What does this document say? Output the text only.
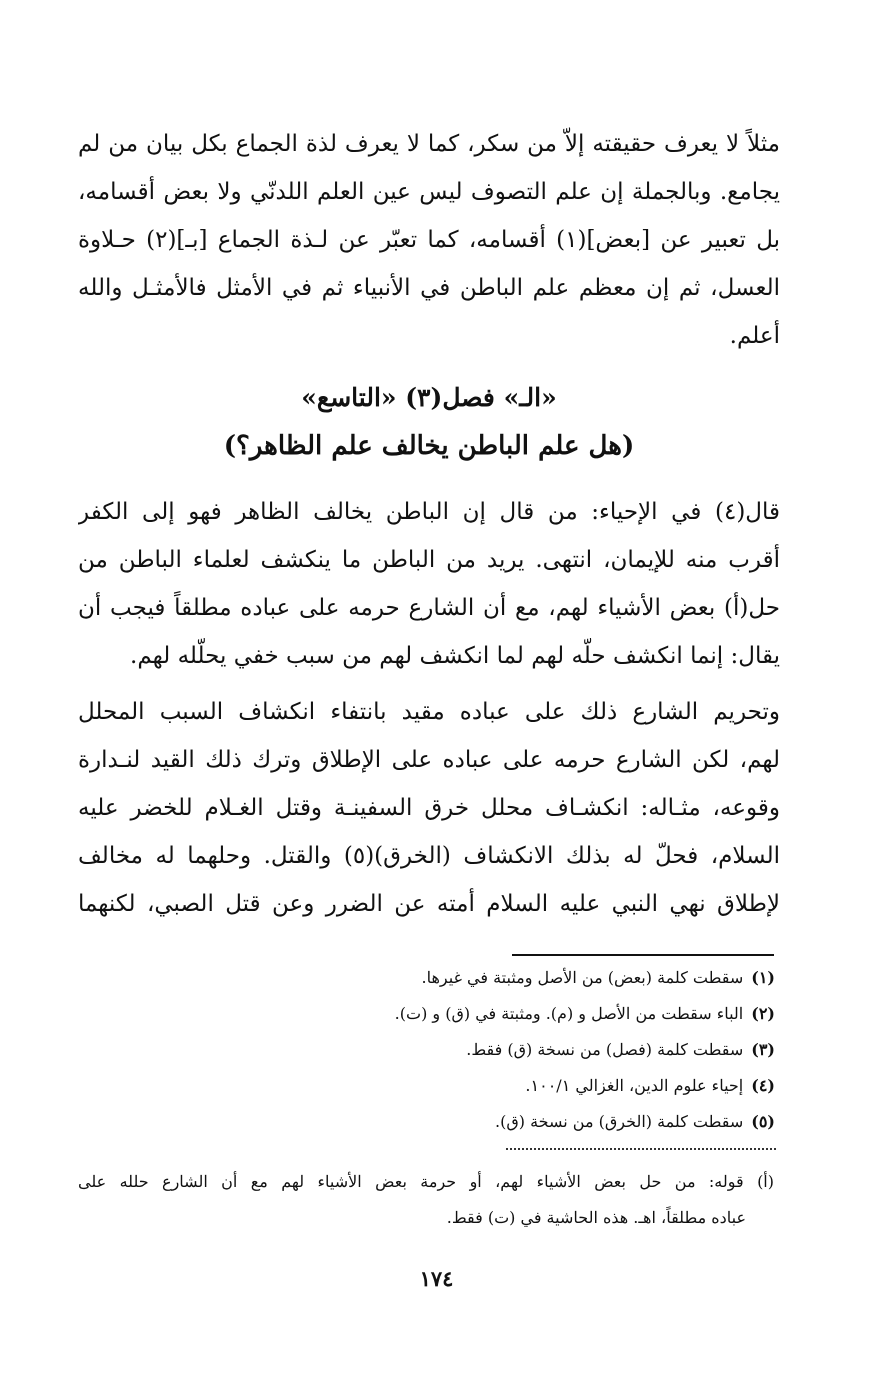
مثلاً لا يعرف حقيقته إلاّ من سكر، كما لا يعرف لذة الجماع بكل بيان من لم
يجامع. وبالجملة إن علم التصوف ليس عين العلم اللدنّي ولا بعض أقسامه،
بل تعبير عن [بعض](١) أقسامه، كما تعبّر عن لـذة الجماع [بـ](٢) حـلاوة
العسل، ثم إن معظم علم الباطن في الأنبياء ثم في الأمثل فالأمثـل والله
أعلم.
«الـ» فصل(٣) «التاسع»
(هل علم الباطن يخالف علم الظاهر؟)
قال(٤) في الإحياء: من قال إن الباطن يخالف الظاهر فهو إلى الكفر
أقرب منه للإيمان، انتهى. يريد من الباطن ما ينكشف لعلماء الباطن من
حل(أ) بعض الأشياء لهم، مع أن الشارع حرمه على عباده مطلقاً فيجب أن
يقال: إنما انكشف حلّه لهم لما انكشف لهم من سبب خفي يحلّله لهم.
وتحريم الشارع ذلك على عباده مقيد بانتفاء انكشاف السبب المحلل
لهم، لكن الشارع حرمه على عباده على الإطلاق وترك ذلك القيد لنـدارة
وقوعه، مثـاله: انكشـاف محلل خرق السفينـة وقتل الغـلام للخضر عليه
السلام، فحلّ له بذلك الانكشاف (الخرق)(٥) والقتل. وحلهما له مخالف
لإطلاق نهي النبي عليه السلام أمته عن الضرر وعن قتل الصبي، لكنهما
(١)سقطت كلمة (بعض) من الأصل ومثبتة في غيرها.
(٢)الباء سقطت من الأصل و (م). ومثبتة في (ق) و (ت).
(٣)سقطت كلمة (فصل) من نسخة (ق) فقط.
(٤)إحياء علوم الدين، الغزالي ١٠٠/١.
(٥)سقطت كلمة (الخرق) من نسخة (ق).
(أ) قوله: من حل بعض الأشياء لهم، أو حرمة بعض الأشياء لهم مع أن الشارع حلله على
عباده مطلقاً، اهـ. هذه الحاشية في (ت) فقط.
١٧٤
